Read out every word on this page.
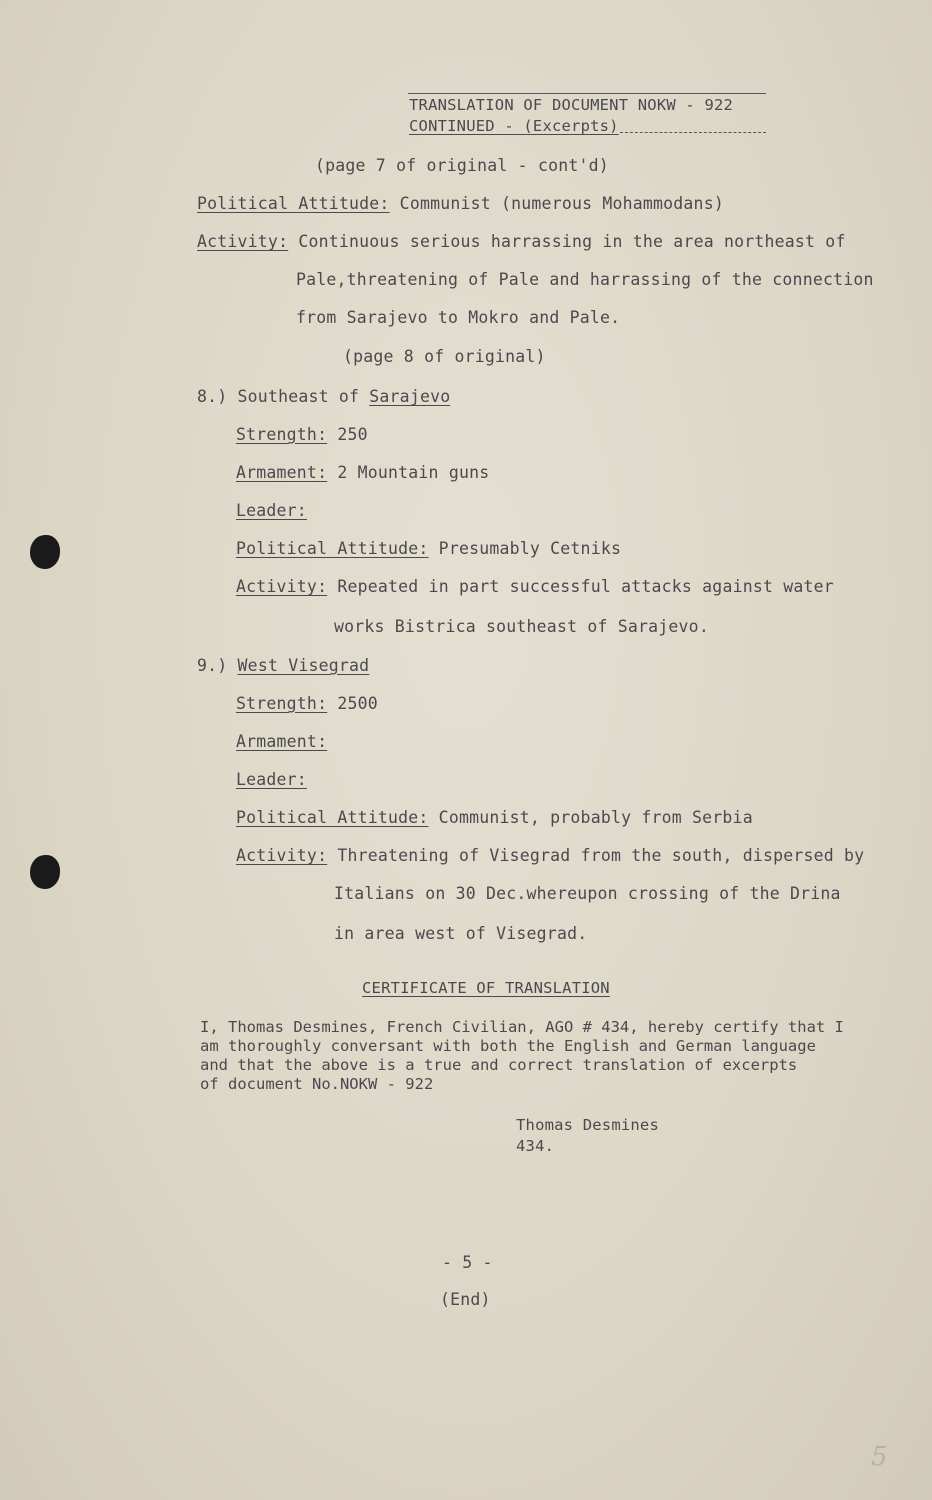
TRANSLATION OF DOCUMENT NOKW - 922
CONTINUED - (Excerpts)
(page 7 of original - cont'd)
Political Attitude: Communist (numerous Mohammodans)
Activity: Continuous serious harrassing in the area northeast of
Pale,threatening of Pale and harrassing of the connection
from Sarajevo to Mokro and Pale.
(page 8 of original)
8.) Southeast of Sarajevo
Strength: 250
Armament: 2 Mountain guns
Leader:
Political Attitude: Presumably Cetniks
Activity: Repeated in part successful attacks against water
works Bistrica southeast of Sarajevo.
9.) West Visegrad
Strength: 2500
Armament:
Leader:
Political Attitude: Communist, probably from Serbia
Activity: Threatening of Visegrad from the south, dispersed by
Italians on 30 Dec.whereupon crossing of the Drina
in area west of Visegrad.
CERTIFICATE OF TRANSLATION
I, Thomas Desmines, French Civilian, AGO # 434, hereby certify that I
am thoroughly conversant with both the English and German language
and that the above is a true and correct translation of excerpts
of document No.NOKW - 922
Thomas Desmines
434.
- 5 -
(End)
5
